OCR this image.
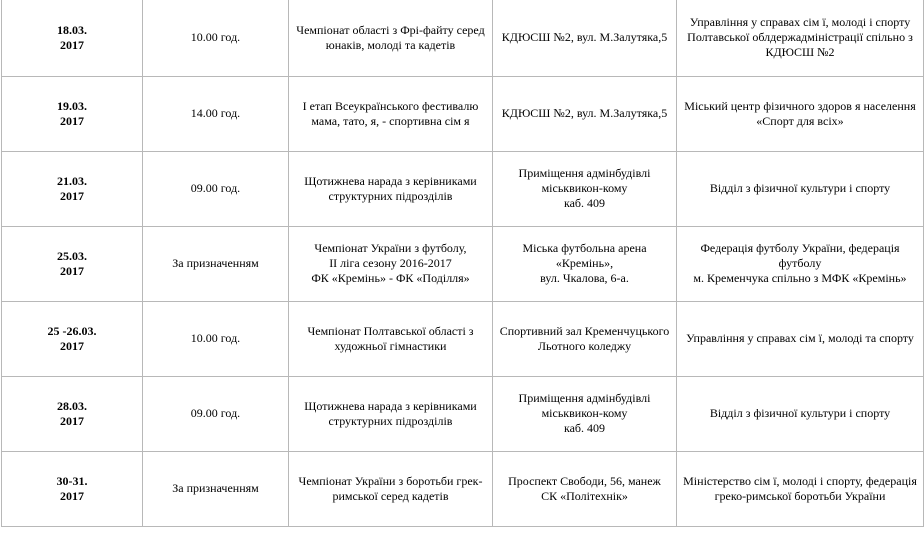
18.03.
2017	10.00 год.	Чемпіонат області з Фрі-файту серед
юнаків, молоді та кадетів	КДЮСШ №2, вул. М.Залутяка,5	Управління у справах сім ї, молоді і спорту
Полтавської облдержадміністрації спільно з
КДЮСШ №2

19.03.
2017	14.00 год.	І етап Всеукраїнського фестивалю
мама, тато, я, - спортивна сім я	КДЮСШ №2, вул. М.Залутяка,5	Міський центр фізичного здоров я населення
«Спорт для всіх»

21.03.
2017	09.00 год.	Щотижнева нарада з керівниками
структурних підрозділів	Приміщення адмінбудівлі
міськвикон-кому
каб. 409	Відділ з фізичної культури і спорту

25.03.
2017	За призначенням	Чемпіонат України з футболу,
ІІ ліга сезону 2016-2017
ФК «Кремінь» - ФК «Поділля»	Міська футбольна арена
«Кремінь»,
вул. Чкалова, 6-а.	Федерація футболу України, федерація
футболу
м. Кременчука спільно з МФК «Кремінь»

25 -26.03.
2017	10.00 год.	Чемпіонат Полтавської області з
художньої гімнастики	Спортивний зал Кременчуцького
Льотного коледжу	Управління у справах сім ї, молоді та спорту

28.03.
2017	09.00 год.	Щотижнева нарада з керівниками
структурних підрозділів	Приміщення адмінбудівлі
міськвикон-кому
каб. 409	Відділ з фізичної культури і спорту

30-31.
2017	За призначенням	Чемпіонат України з боротьби грек-
римської серед кадетів	Проспект Свободи, 56, манеж
СК «Політехнік»	Міністерство сім ї, молоді і спорту, федерація
греко-римської боротьби України
